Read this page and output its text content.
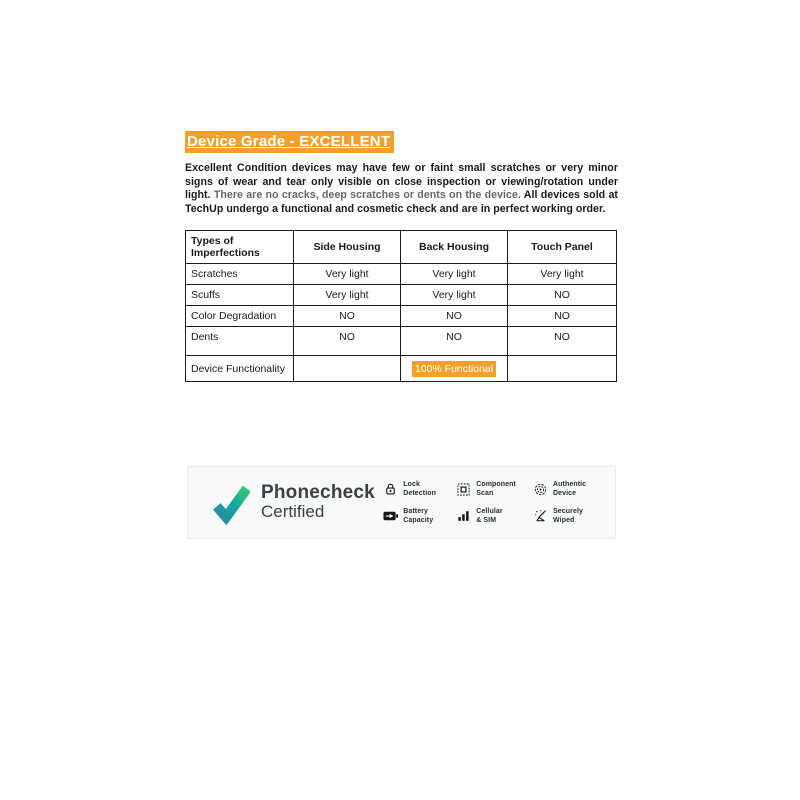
Device Grade - EXCELLENT

Excellent Condition devices may have few or faint small scratches or very minor signs of wear and tear only visible on close inspection or viewing/rotation under light. There are no cracks, deep scratches or dents on the device. All devices sold at TechUp undergo a functional and cosmetic check and are in perfect working order.

Types of Imperfections	Side Housing	Back Housing	Touch Panel
Scratches	Very light	Very light	Very light
Scuffs	Very light	Very light	NO
Color Degradation	NO	NO	NO
Dents	NO	NO	NO
Device Functionality		100% Functional	
Phonecheck
Certified
Lock
Detection
Component
Scan
Authentic
Device
Battery
Capacity
Cellular
& SIM
Securely
Wiped
